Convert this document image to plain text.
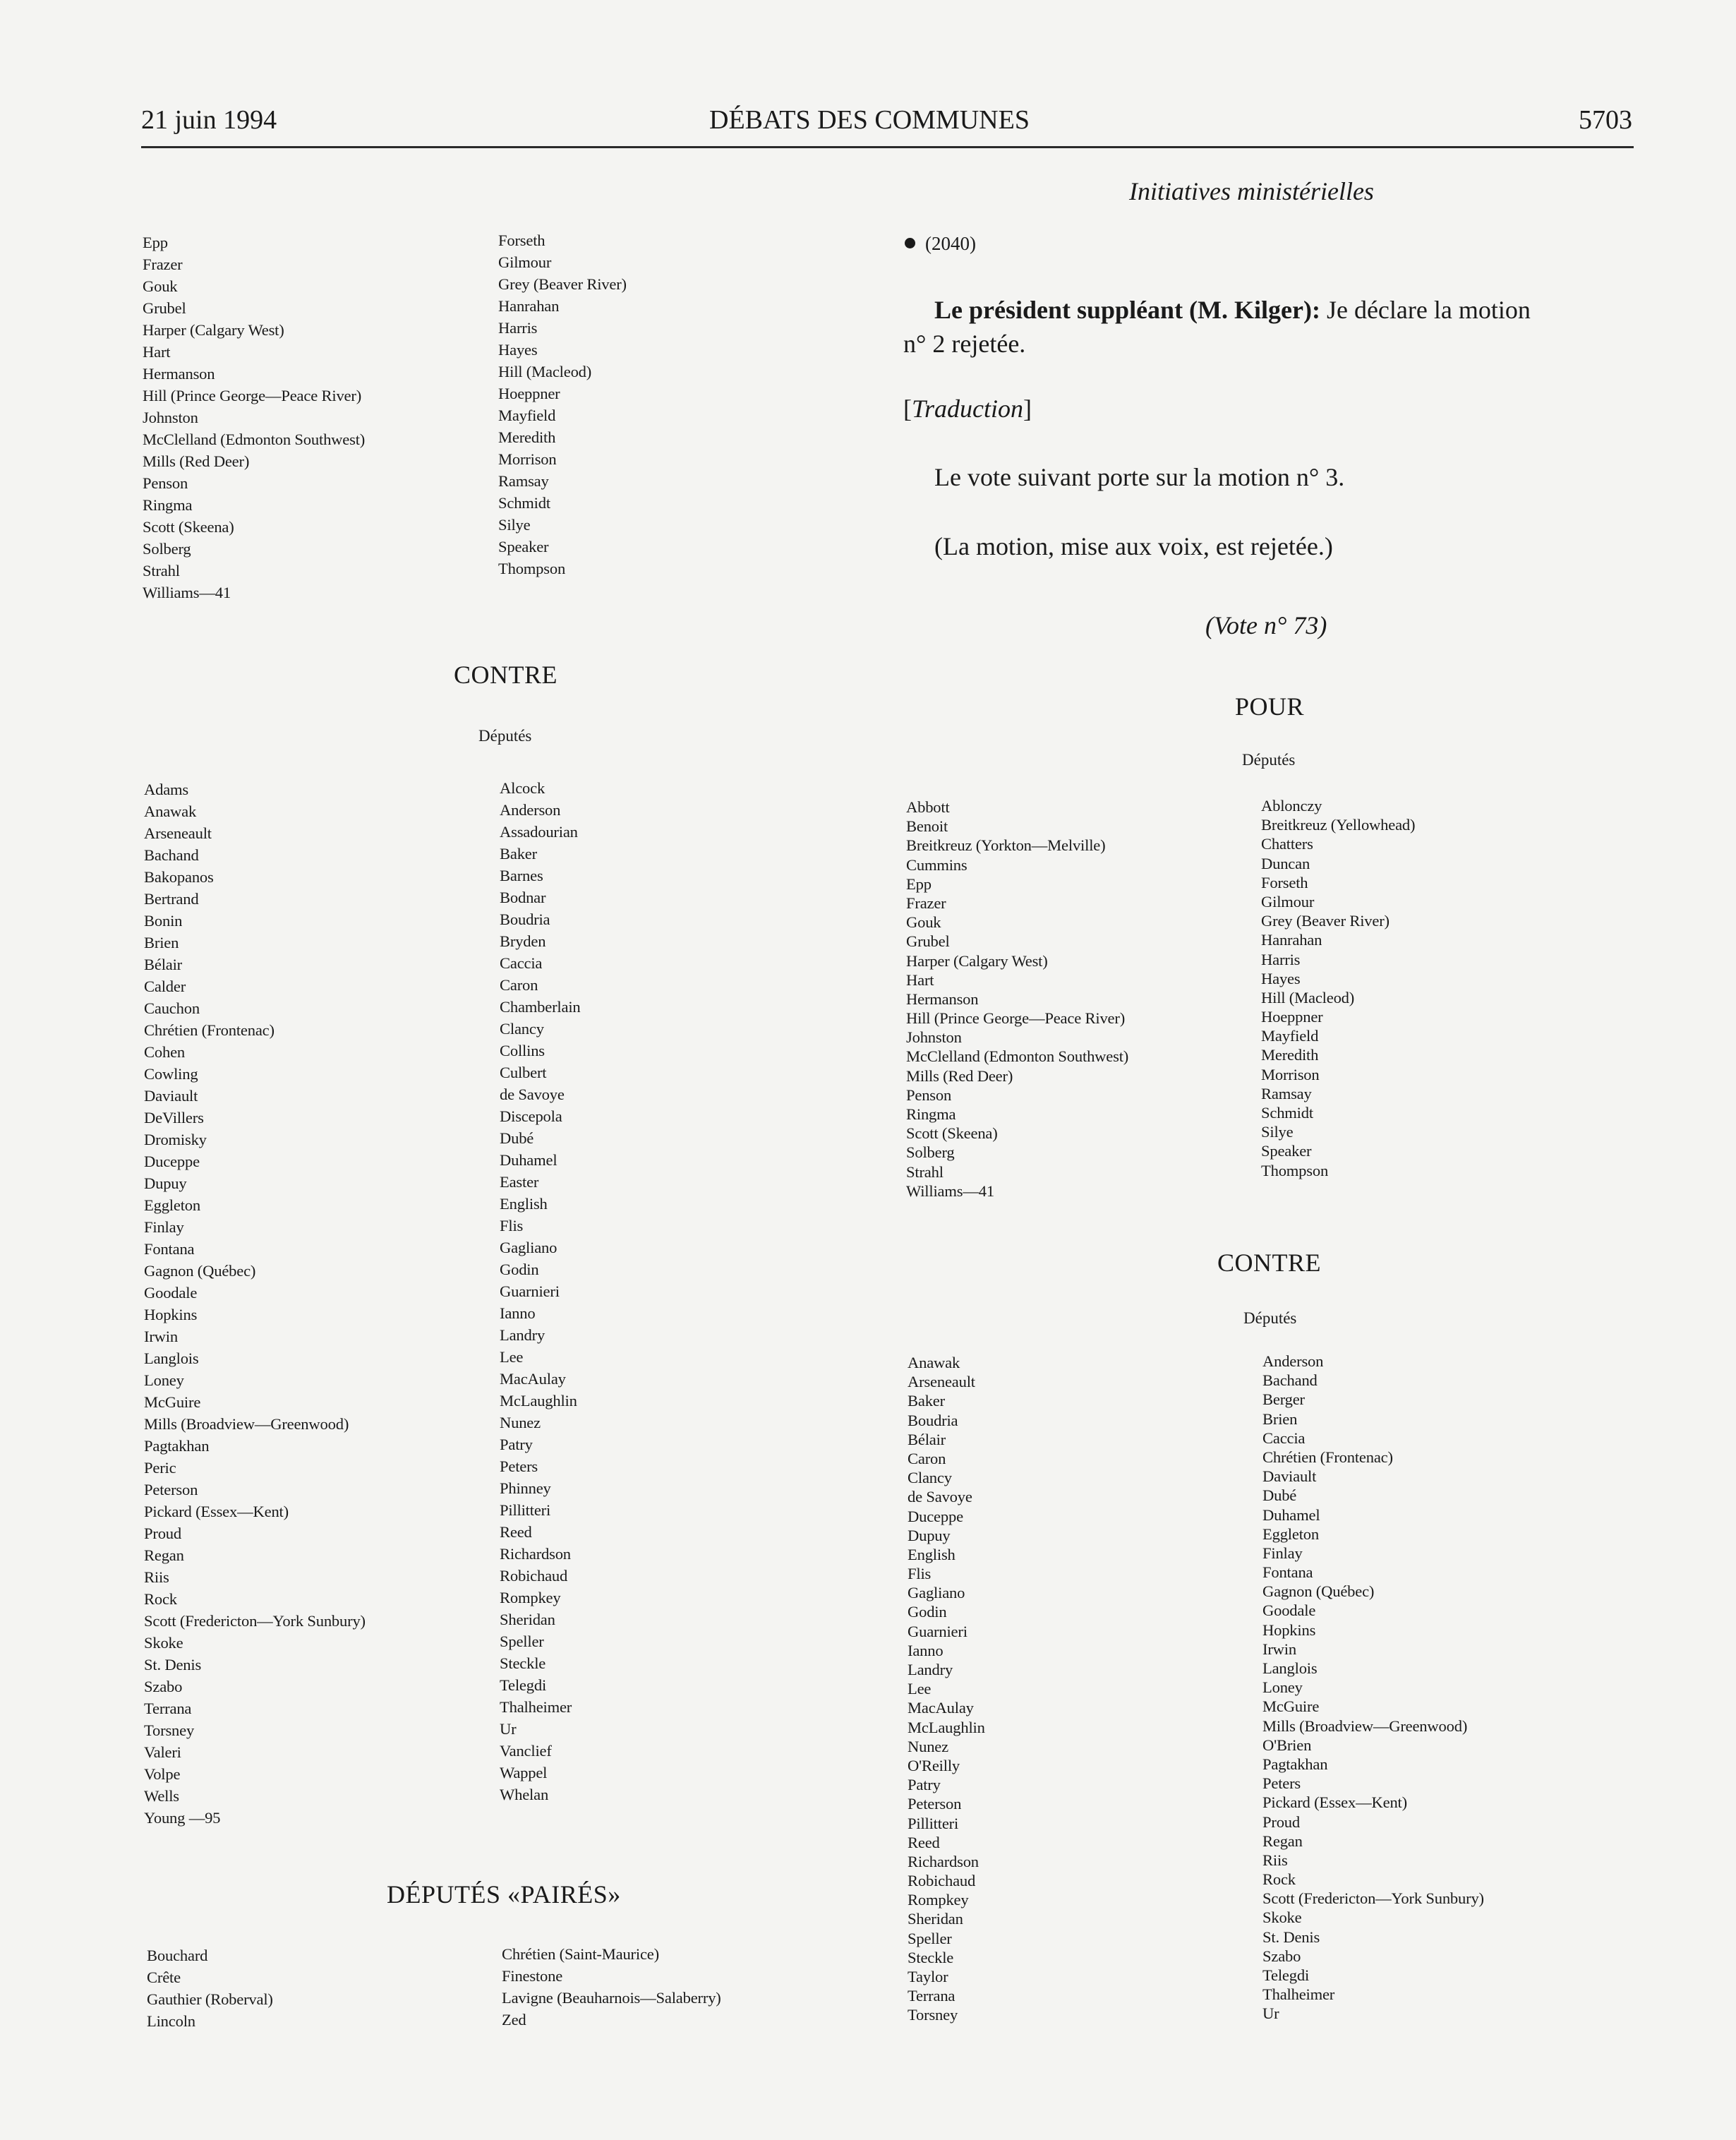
21 juin 1994	DÉBATS DES COMMUNES	5703
Initiatives ministérielles
Epp
Frazer
Gouk
Grubel
Harper (Calgary West)
Hart
Hermanson
Hill (Prince George—Peace River)
Johnston
McClelland (Edmonton Southwest)
Mills (Red Deer)
Penson
Ringma
Scott (Skeena)
Solberg
Strahl
Williams—41
Forseth
Gilmour
Grey (Beaver River)
Hanrahan
Harris
Hayes
Hill (Macleod)
Hoeppner
Mayfield
Meredith
Morrison
Ramsay
Schmidt
Silye
Speaker
Thompson
CONTRE
Députés
Adams
Anawak
Arseneault
Bachand
Bakopanos
Bertrand
Bonin
Brien
Bélair
Calder
Cauchon
Chrétien (Frontenac)
Cohen
Cowling
Daviault
DeVillers
Dromisky
Duceppe
Dupuy
Eggleton
Finlay
Fontana
Gagnon (Québec)
Goodale
Hopkins
Irwin
Langlois
Loney
McGuire
Mills (Broadview—Greenwood)
Pagtakhan
Peric
Peterson
Pickard (Essex—Kent)
Proud
Regan
Riis
Rock
Scott (Fredericton—York Sunbury)
Skoke
St. Denis
Szabo
Terrana
Torsney
Valeri
Volpe
Wells
Young —95
Alcock
Anderson
Assadourian
Baker
Barnes
Bodnar
Boudria
Bryden
Caccia
Caron
Chamberlain
Clancy
Collins
Culbert
de Savoye
Discepola
Dubé
Duhamel
Easter
English
Flis
Gagliano
Godin
Guarnieri
Ianno
Landry
Lee
MacAulay
McLaughlin
Nunez
Patry
Peters
Phinney
Pillitteri
Reed
Richardson
Robichaud
Rompkey
Sheridan
Speller
Steckle
Telegdi
Thalheimer
Ur
Vanclief
Wappel
Whelan
DÉPUTÉS «PAIRÉS»
Bouchard
Crête
Gauthier (Roberval)
Lincoln
Chrétien (Saint-Maurice)
Finestone
Lavigne (Beauharnois—Salaberry)
Zed
(2040)
Le président suppléant (M. Kilger): Je déclare la motion
n° 2 rejetée.
[Traduction]
Le vote suivant porte sur la motion n° 3.
(La motion, mise aux voix, est rejetée.)
(Vote n° 73)
POUR
Députés
Abbott
Benoit
Breitkreuz (Yorkton—Melville)
Cummins
Epp
Frazer
Gouk
Grubel
Harper (Calgary West)
Hart
Hermanson
Hill (Prince George—Peace River)
Johnston
McClelland (Edmonton Southwest)
Mills (Red Deer)
Penson
Ringma
Scott (Skeena)
Solberg
Strahl
Williams—41
Ablonczy
Breitkreuz (Yellowhead)
Chatters
Duncan
Forseth
Gilmour
Grey (Beaver River)
Hanrahan
Harris
Hayes
Hill (Macleod)
Hoeppner
Mayfield
Meredith
Morrison
Ramsay
Schmidt
Silye
Speaker
Thompson
CONTRE
Députés
Anawak
Arseneault
Baker
Boudria
Bélair
Caron
Clancy
de Savoye
Duceppe
Dupuy
English
Flis
Gagliano
Godin
Guarnieri
Ianno
Landry
Lee
MacAulay
McLaughlin
Nunez
O'Reilly
Patry
Peterson
Pillitteri
Reed
Richardson
Robichaud
Rompkey
Sheridan
Speller
Steckle
Taylor
Terrana
Torsney
Anderson
Bachand
Berger
Brien
Caccia
Chrétien (Frontenac)
Daviault
Dubé
Duhamel
Eggleton
Finlay
Fontana
Gagnon (Québec)
Goodale
Hopkins
Irwin
Langlois
Loney
McGuire
Mills (Broadview—Greenwood)
O'Brien
Pagtakhan
Peters
Pickard (Essex—Kent)
Proud
Regan
Riis
Rock
Scott (Fredericton—York Sunbury)
Skoke
St. Denis
Szabo
Telegdi
Thalheimer
Ur
